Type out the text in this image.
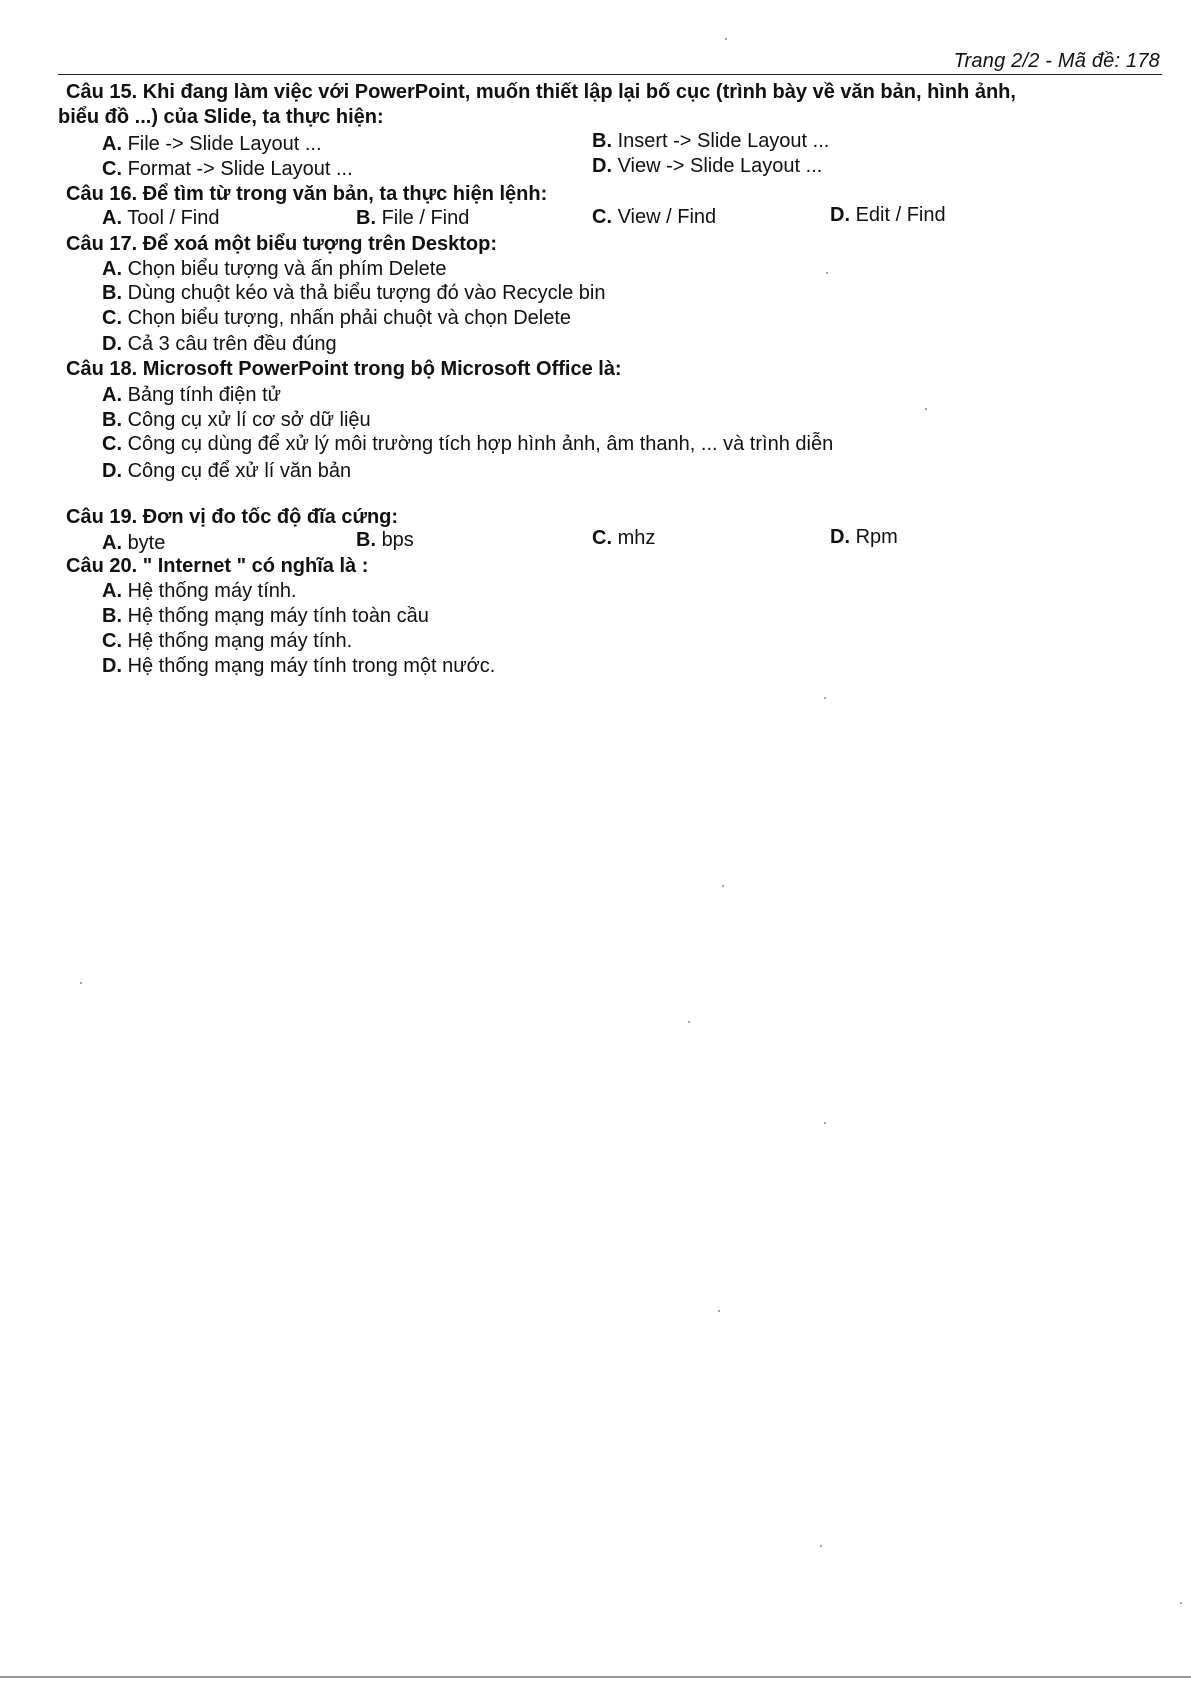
Trang 2/2 - Mã đề: 178
Câu 15. Khi đang làm việc với PowerPoint, muốn thiết lập lại bố cục (trình bày về văn bản, hình ảnh,
biểu đồ ...) của Slide, ta thực hiện:
A. File -> Slide Layout ...	B. Insert -> Slide Layout ...
C. Format -> Slide Layout ...	D. View -> Slide Layout ...
Câu 16. Để tìm từ trong văn bản, ta thực hiện lệnh:
A. Tool / Find	B. File / Find	C. View / Find	D. Edit / Find
Câu 17. Để xoá một biểu tượng trên Desktop:
A. Chọn biểu tượng và ấn phím Delete
B. Dùng chuột kéo và thả biểu tượng đó vào Recycle bin
C. Chọn biểu tượng, nhấn phải chuột và chọn Delete
D. Cả 3 câu trên đều đúng
Câu 18. Microsoft PowerPoint trong bộ Microsoft Office là:
A. Bảng tính điện tử
B. Công cụ xử lí cơ sở dữ liệu
C. Công cụ dùng để xử lý môi trường tích hợp hình ảnh, âm thanh, ... và trình diễn
D. Công cụ để xử lí văn bản
Câu 19. Đơn vị đo tốc độ đĩa cứng:
A. byte	B. bps	C. mhz	D. Rpm
Câu 20. " Internet " có nghĩa là :
A. Hệ thống máy tính.
B. Hệ thống mạng máy tính toàn cầu
C. Hệ thống mạng máy tính.
D. Hệ thống mạng máy tính trong một nước.
